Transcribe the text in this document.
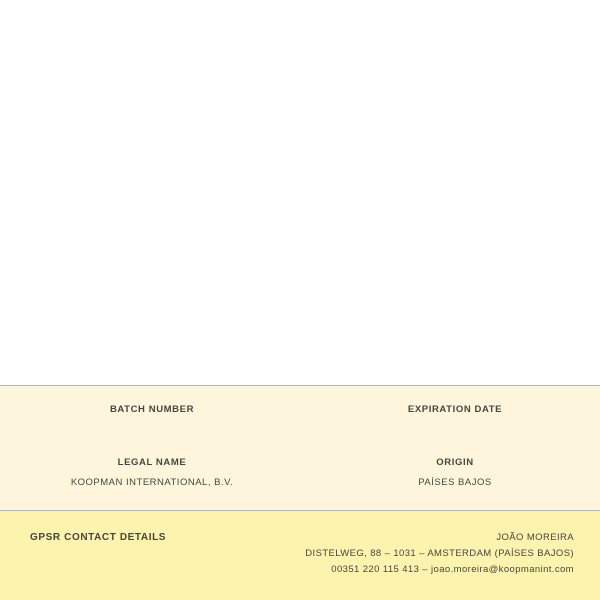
BATCH NUMBER	EXPIRATION DATE
LEGAL NAME
KOOPMAN INTERNATIONAL, B.V.
ORIGIN
PAÍSES BAJOS
GPSR CONTACT DETAILS	JOÃO MOREIRA
DISTELWEG, 88 – 1031 – AMSTERDAM (PAÍSES BAJOS)
00351 220 115 413 – joao.moreira@koopmanint.com
